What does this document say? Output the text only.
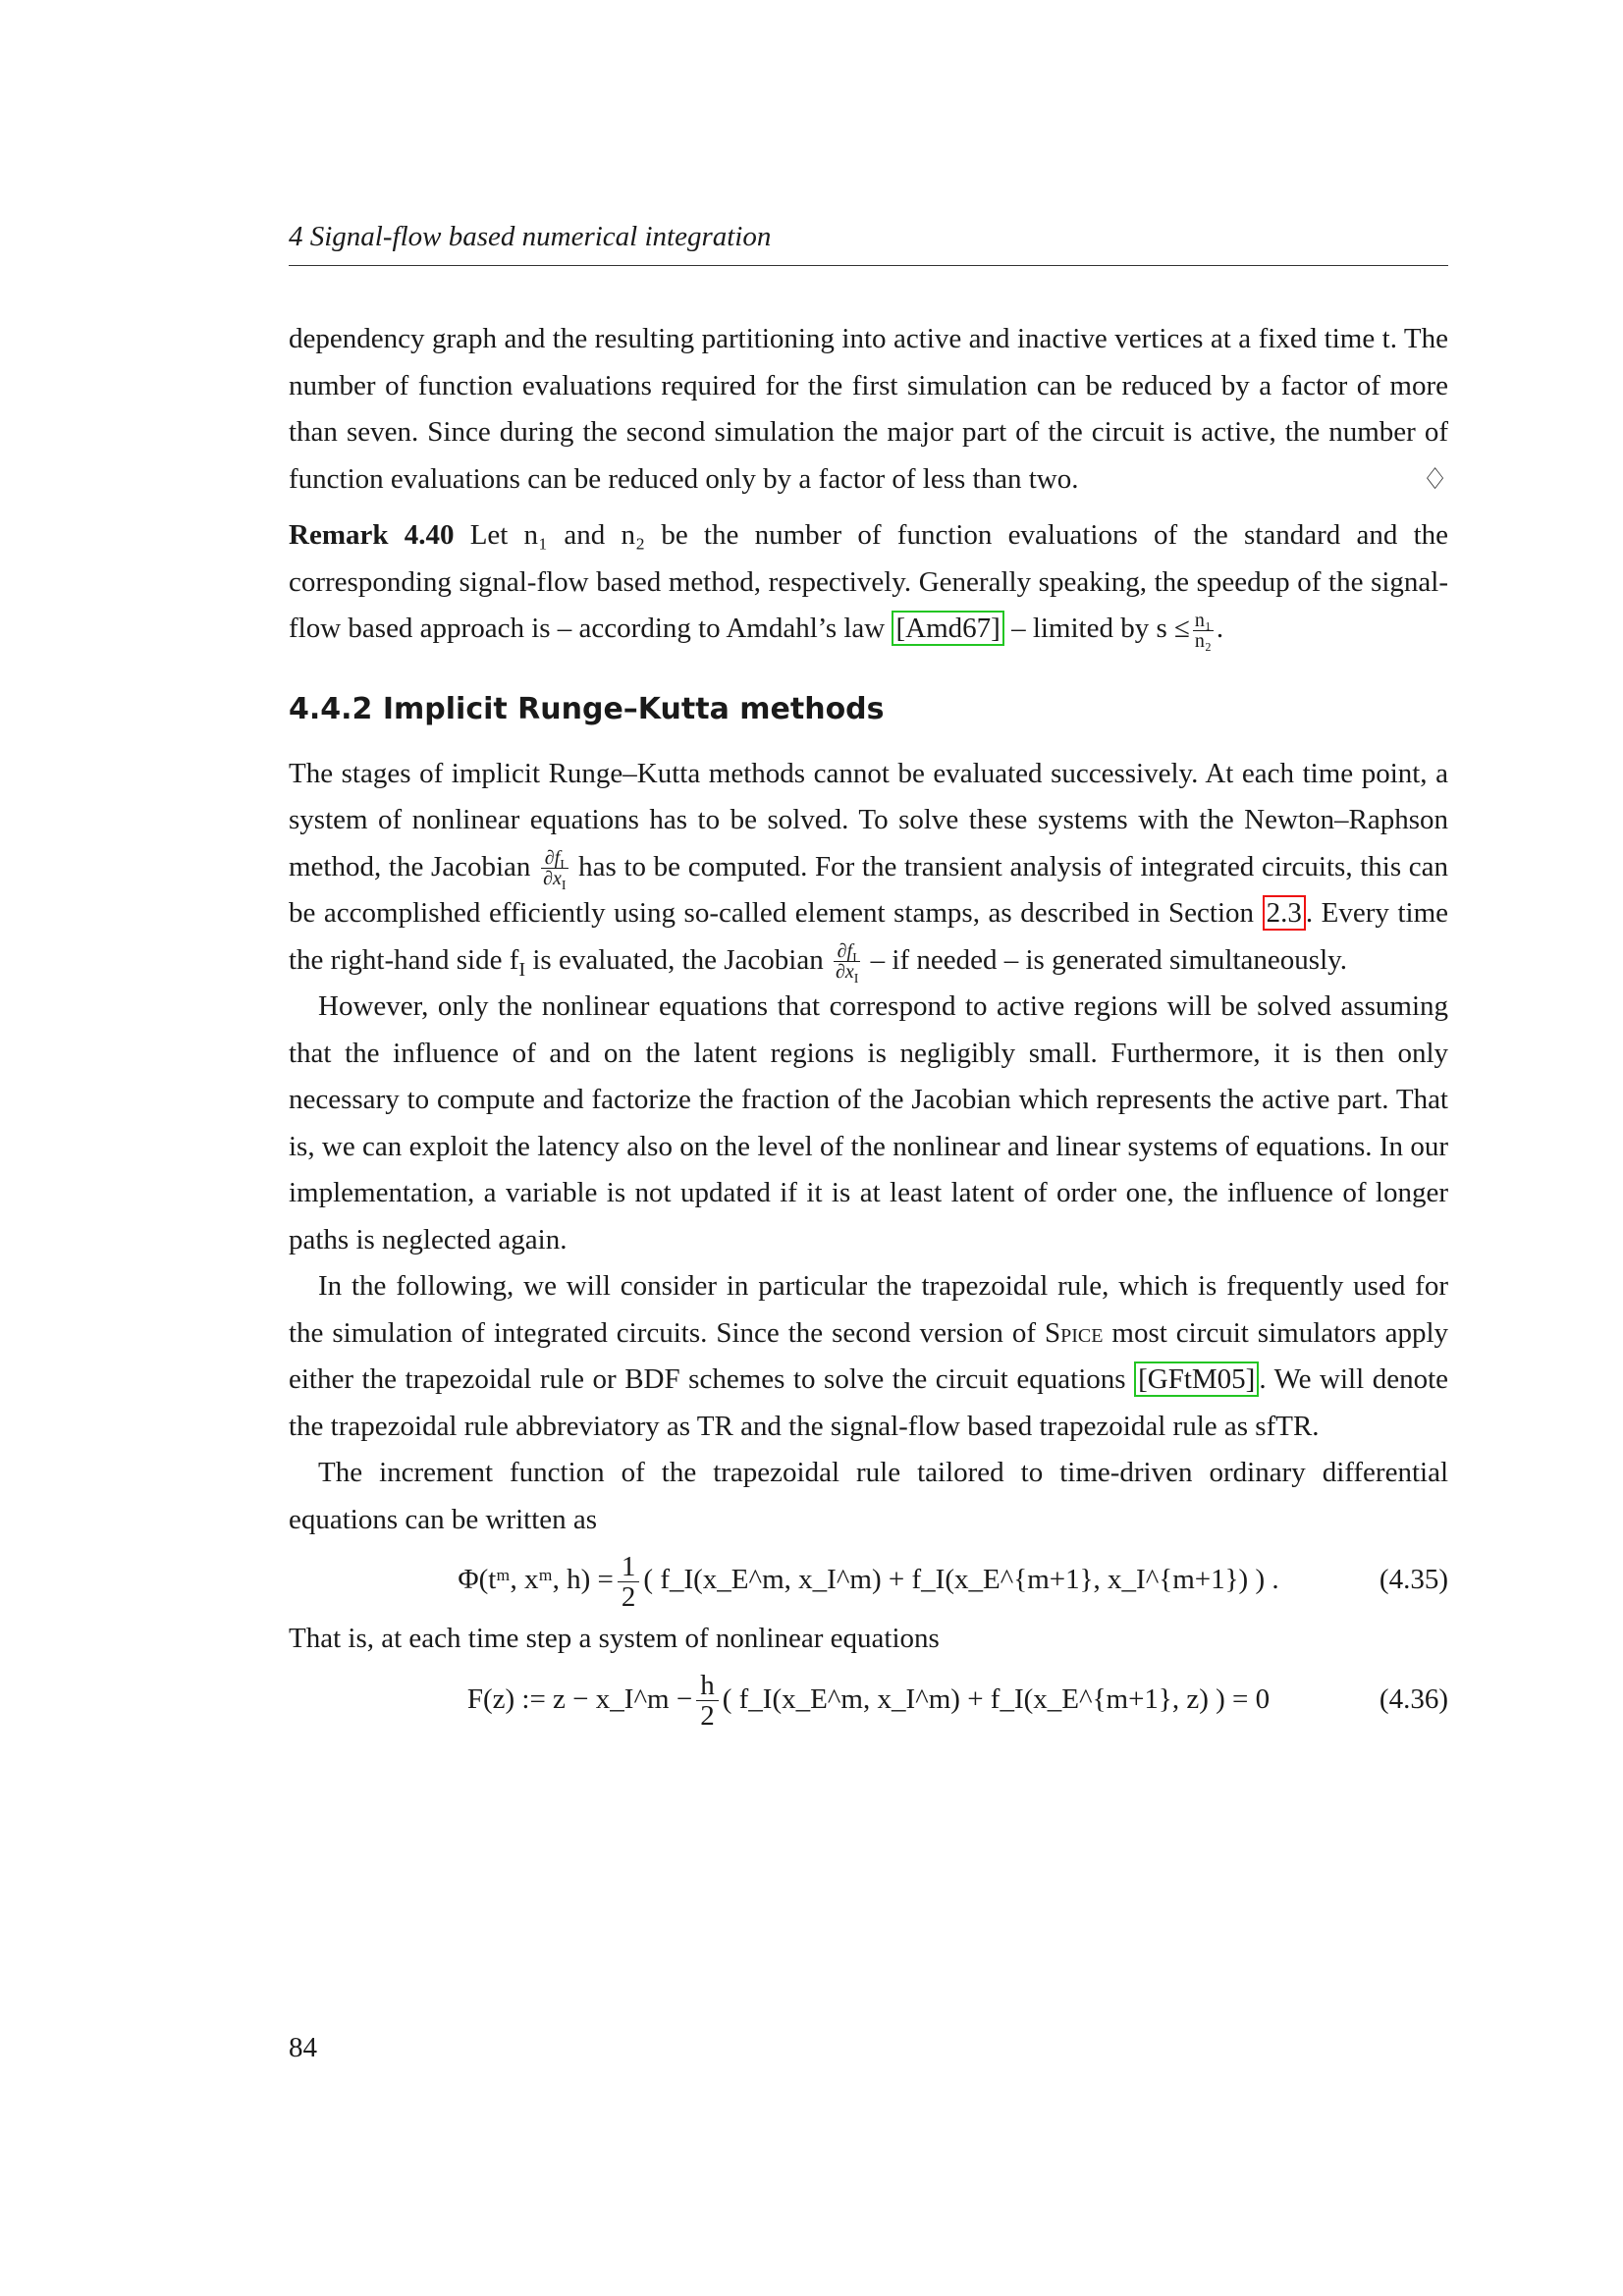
4 Signal-flow based numerical integration

dependency graph and the resulting partitioning into active and inactive vertices at a fixed time t. The number of function evaluations required for the first simulation can be reduced by a factor of more than seven. Since during the second simulation the major part of the circuit is active, the number of function evaluations can be reduced only by a factor of less than two.	♢

Remark 4.40 Let n₁ and n₂ be the number of function evaluations of the standard and the corresponding signal-flow based method, respectively. Generally speaking, the speedup of the signal-flow based approach is – according to Amdahl’s law [Amd67] – limited by $s \le \frac{\text{n₁}}{\text{n₂}}$ .

4.4.2 Implicit Runge–Kutta methods

The stages of implicit Runge–Kutta methods cannot be evaluated successively. At each time point, a system of nonlinear equations has to be solved. To solve these systems with the Newton–Raphson method, the Jacobian $\frac{\partial f_I}{\partial x_I}$ has to be computed. For the transient analysis of integrated circuits, this can be accomplished efficiently using so-called element stamps, as described in Section 2.3 . Every time the right-hand side $f_I$ is evaluated, the Jacobian $\frac{\partial f_I}{\partial x_I}$ – if needed – is generated simultaneously.

However, only the nonlinear equations that correspond to active regions will be solved assuming that the influence of and on the latent regions is negligibly small. Furthermore, it is then only necessary to compute and factorize the fraction of the Jacobian which represents the active part. That is, we can exploit the latency also on the level of the nonlinear and linear systems of equations. In our implementation, a variable is not updated if it is at least latent of order one, the influence of longer paths is neglected again.

In the following, we will consider in particular the trapezoidal rule, which is frequently used for the simulation of integrated circuits. Since the second version of Spice most circuit simulators apply either the trapezoidal rule or BDF schemes to solve the circuit equations [GFtM05] . We will denote the trapezoidal rule abbreviatory as TR and the signal-flow based trapezoidal rule as sfTR.

The increment function of the trapezoidal rule tailored to time-driven ordinary differential equations can be written as

Φ(tᵐ, xᵐ, $h) = \frac{1}{2}$ ( f_I(x_E^m, x_I^m) + f_I(x_E^{m+1}, x_I^{m+1}) ) .	(4.35)

That is, at each time step a system of nonlinear equations

F(z) := z − x_I^m − $\frac{h}{2}$ ( f_I(x_E^m, x_I^m) + f_I(x_E^{m+1}, z) ) = 0	(4.36)
84
